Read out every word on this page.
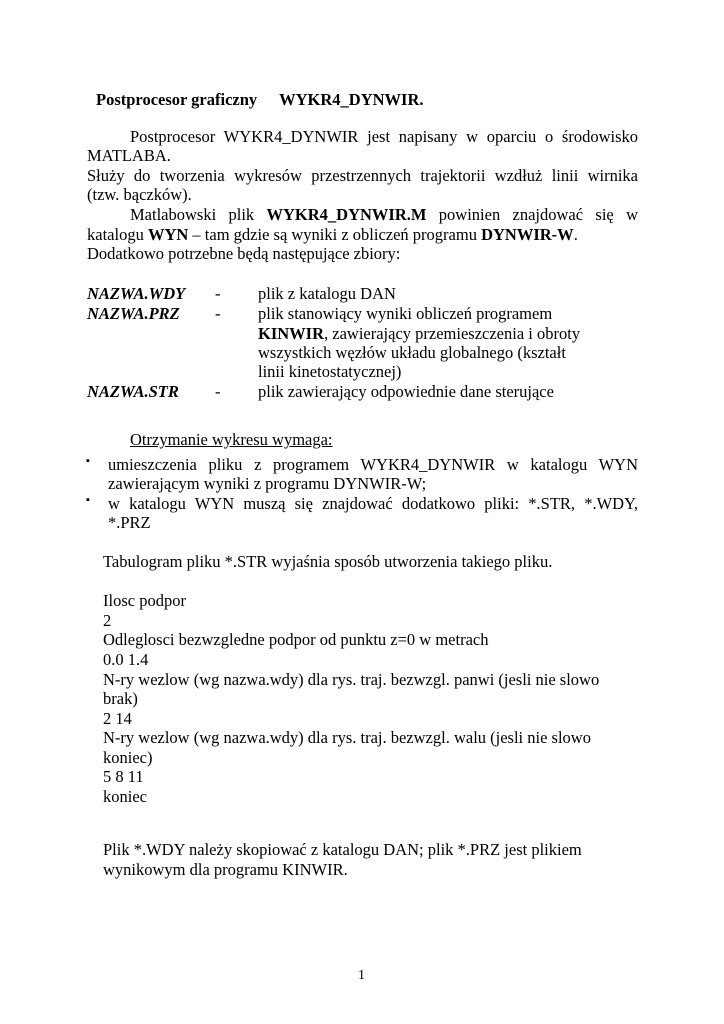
Postprocesor graficzny WYKR4_DYNWIR.
Postprocesor WYKR4_DYNWIR jest napisany w oparciu o środowisko
MATLABA.
Służy do tworzenia wykresów przestrzennych trajektorii wzdłuż linii wirnika
(tzw. bączków).
Matlabowski plik WYKR4_DYNWIR.M powinien znajdować się w
katalogu WYN – tam gdzie są wyniki z obliczeń programu DYNWIR-W.
Dodatkowo potrzebne będą następujące zbiory:
NAZWA.WDY - plik z katalogu DAN
NAZWA.PRZ - plik stanowiący wyniki obliczeń programem
KINWIR, zawierający przemieszczenia i obroty
wszystkich węzłów układu globalnego (kształt
linii kinetostatycznej)
NAZWA.STR - plik zawierający odpowiednie dane sterujące
Otrzymanie wykresu wymaga:
▪ umieszczenia pliku z programem WYKR4_DYNWIR w katalogu WYN
zawierającym wyniki z programu DYNWIR-W;
▪ w katalogu WYN muszą się znajdować dodatkowo pliki: *.STR, *.WDY,
*.PRZ
Tabulogram pliku *.STR wyjaśnia sposób utworzenia takiego pliku.
Ilosc podpor
2
Odleglosci bezwzgledne podpor od punktu z=0 w metrach
0.0 1.4
N-ry wezlow (wg nazwa.wdy) dla rys. traj. bezwzgl. panwi (jesli nie slowo
brak)
2 14
N-ry wezlow (wg nazwa.wdy) dla rys. traj. bezwzgl. walu (jesli nie slowo
koniec)
5 8 11
koniec
Plik *.WDY należy skopiować z katalogu DAN; plik *.PRZ jest plikiem
wynikowym dla programu KINWIR.
1
